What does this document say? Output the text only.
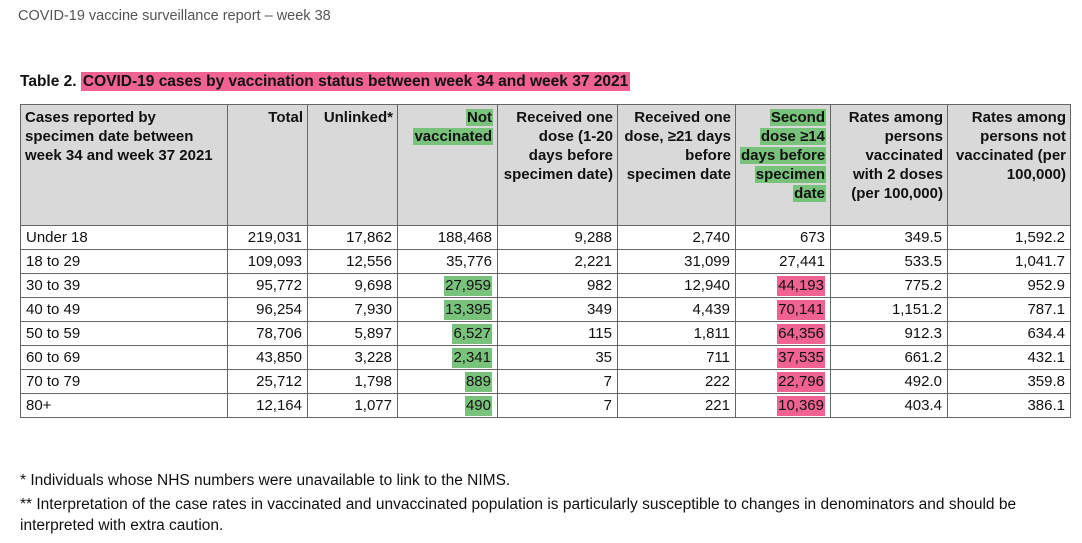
COVID-19 vaccine surveillance report – week 38
Table 2. COVID-19 cases by vaccination status between week 34 and week 37 2021
Cases reported by specimen date between week 34 and week 37 2021	Total	Unlinked*	Not vaccinated	Received one dose (1-20 days before specimen date)	Received one dose, ≥21 days before specimen date	Second dose ≥14 days before specimen date	Rates among persons vaccinated with 2 doses (per 100,000)	Rates among persons not vaccinated (per 100,000)
Under 18	219,031	17,862	188,468	9,288	2,740	673	349.5	1,592.2
18 to 29	109,093	12,556	35,776	2,221	31,099	27,441	533.5	1,041.7
30 to 39	95,772	9,698	27,959	982	12,940	44,193	775.2	952.9
40 to 49	96,254	7,930	13,395	349	4,439	70,141	1,151.2	787.1
50 to 59	78,706	5,897	6,527	115	1,811	64,356	912.3	634.4
60 to 69	43,850	3,228	2,341	35	711	37,535	661.2	432.1
70 to 79	25,712	1,798	889	7	222	22,796	492.0	359.8
80+	12,164	1,077	490	7	221	10,369	403.4	386.1

* Individuals whose NHS numbers were unavailable to link to the NIMS.

** Interpretation of the case rates in vaccinated and unvaccinated population is particularly susceptible to changes in denominators and should be interpreted with extra caution.
